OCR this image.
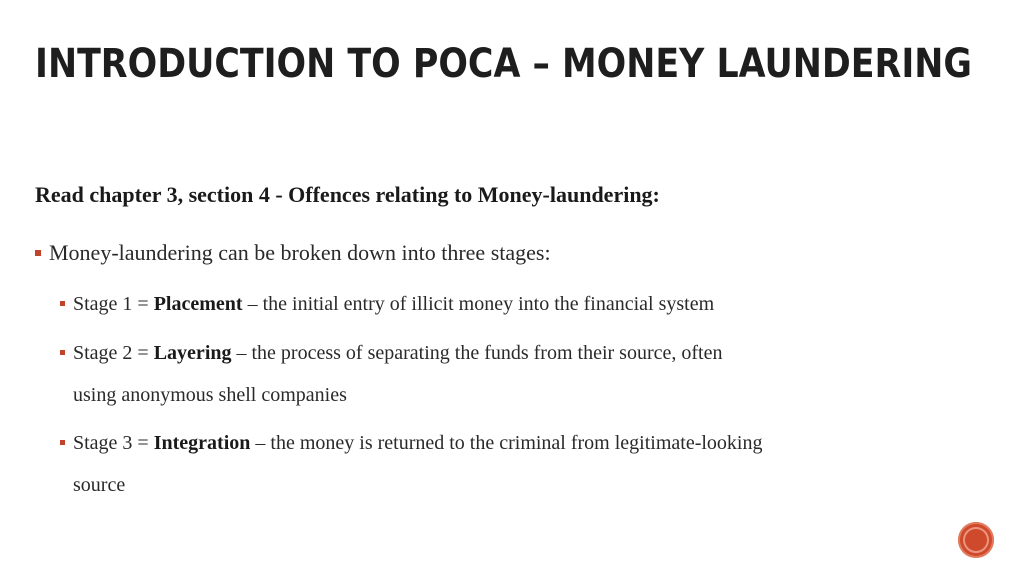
INTRODUCTION TO POCA – MONEY LAUNDERING
Read chapter 3, section 4 - Offences relating to Money-laundering:
Money-laundering can be broken down into three stages:
Stage 1 = Placement – the initial entry of illicit money into the financial system
Stage 2 = Layering – the process of separating the funds from their source, often
using anonymous shell companies
Stage 3 = Integration – the money is returned to the criminal from legitimate-looking
source
